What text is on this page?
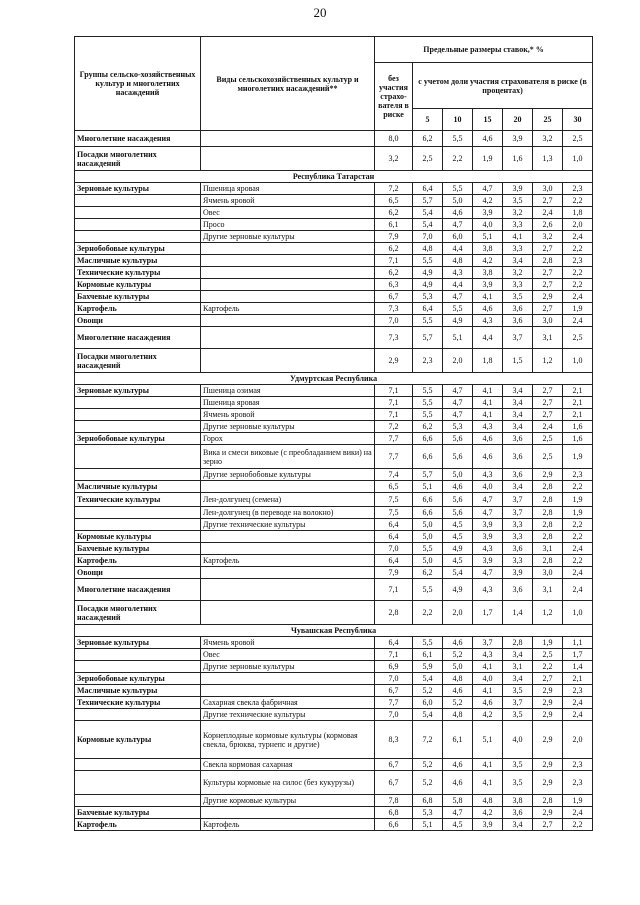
20
Группы сельско-хозяйственных культур и многолетних насаждений	Виды сельскохозяйственных культур и многолетних насаждений**	Предельные размеры ставок,* %						
		без участия страхо-вателя в риске	с учетом доли участия страхователя в риске (в процентах)					
			5	10	15	20	25	30
Многолетние насаждения		8,0	6,2	5,5	4,6	3,9	3,2	2,5
Посадки многолетних насаждений		3,2	2,5	2,2	1,9	1,6	1,3	1,0
Республика Татарстан								
Зерновые культуры	Пшеница яровая	7,2	6,4	5,5	4,7	3,9	3,0	2,3
	Ячмень яровой	6,5	5,7	5,0	4,2	3,5	2,7	2,2
	Овес	6,2	5,4	4,6	3,9	3,2	2,4	1,8
	Просо	6,1	5,4	4,7	4,0	3,3	2,6	2,0
	Другие зерновые культуры	7,9	7,0	6,0	5,1	4,1	3,2	2,4
Зернобобовые культуры		6,2	4,8	4,4	3,8	3,3	2,7	2,2
Масличные культуры		7,1	5,5	4,8	4,2	3,4	2,8	2,3
Технические культуры		6,2	4,9	4,3	3,8	3,2	2,7	2,2
Кормовые культуры		6,3	4,9	4,4	3,9	3,3	2,7	2,2
Бахчевые культуры		6,7	5,3	4,7	4,1	3,5	2,9	2,4
Картофель	Картофель	7,3	6,4	5,5	4,6	3,6	2,7	1,9
Овощи		7,0	5,5	4,9	4,3	3,6	3,0	2,4
Многолетние насаждения		7,3	5,7	5,1	4,4	3,7	3,1	2,5
Посадки многолетних насаждений		2,9	2,3	2,0	1,8	1,5	1,2	1,0
Удмуртская Республика								
Зерновые культуры	Пшеница озимая	7,1	5,5	4,7	4,1	3,4	2,7	2,1
	Пшеница яровая	7,1	5,5	4,7	4,1	3,4	2,7	2,1
	Ячмень яровой	7,1	5,5	4,7	4,1	3,4	2,7	2,1
	Другие зерновые культуры	7,2	6,2	5,3	4,3	3,4	2,4	1,6
Зернобобовые культуры	Горох	7,7	6,6	5,6	4,6	3,6	2,5	1,6
	Вика и смеси виковые (с преобладанием вики) на зерно	7,7	6,6	5,6	4,6	3,6	2,5	1,9
	Другие зернобобовые культуры	7,4	5,7	5,0	4,3	3,6	2,9	2,3
Масличные культуры		6,5	5,1	4,6	4,0	3,4	2,8	2,2
Технические культуры	Лен-долгунец (семена)	7,5	6,6	5,6	4,7	3,7	2,8	1,9
	Лен-долгунец (в переводе на волокно)	7,5	6,6	5,6	4,7	3,7	2,8	1,9
	Другие технические культуры	6,4	5,0	4,5	3,9	3,3	2,8	2,2
Кормовые культуры		6,4	5,0	4,5	3,9	3,3	2,8	2,2
Бахчевые культуры		7,0	5,5	4,9	4,3	3,6	3,1	2,4
Картофель	Картофель	6,4	5,0	4,5	3,9	3,3	2,8	2,2
Овощи		7,9	6,2	5,4	4,7	3,9	3,0	2,4
Многолетние насаждения		7,1	5,5	4,9	4,3	3,6	3,1	2,4
Посадки многолетних насаждений		2,8	2,2	2,0	1,7	1,4	1,2	1,0
Чувашская Республика								
Зерновые культуры	Ячмень яровой	6,4	5,5	4,6	3,7	2,8	1,9	1,1
	Овес	7,1	6,1	5,2	4,3	3,4	2,5	1,7
	Другие зерновые культуры	6,9	5,9	5,0	4,1	3,1	2,2	1,4
Зернобобовые культуры		7,0	5,4	4,8	4,0	3,4	2,7	2,1
Масличные культуры		6,7	5,2	4,6	4,1	3,5	2,9	2,3
Технические культуры	Сахарная свекла фабричная	7,7	6,0	5,2	4,6	3,7	2,9	2,4
	Другие технические культуры	7,0	5,4	4,8	4,2	3,5	2,9	2,4
Кормовые культуры	Корнеплодные кормовые культуры (кормовая свекла, брюква, турнепс и другие)	8,3	7,2	6,1	5,1	4,0	2,9	2,0
	Свекла кормовая сахарная	6,7	5,2	4,6	4,1	3,5	2,9	2,3
	Культуры кормовые на силос (без кукурузы)	6,7	5,2	4,6	4,1	3,5	2,9	2,3
	Другие кормовые культуры	7,8	6,8	5,8	4,8	3,8	2,8	1,9
Бахчевые культуры		6,8	5,3	4,7	4,2	3,6	2,9	2,4
Картофель	Картофель	6,6	5,1	4,5	3,9	3,4	2,7	2,2
